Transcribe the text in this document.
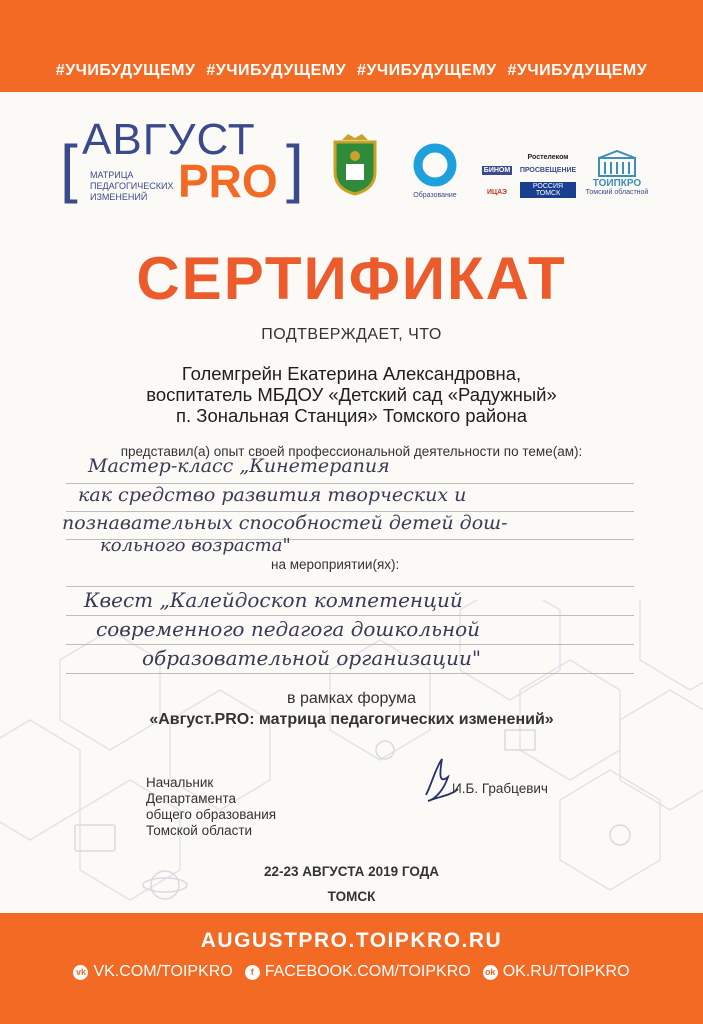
#УЧИБУДУЩЕМУ #УЧИБУДУЩЕМУ #УЧИБУДУЩЕМУ #УЧИБУДУЩЕМУ
[ АВГУСТ ]
МАТРИЦА
ПЕДАГОГИЧЕСКИХ
ИЗМЕНЕНИЙ PRO	Образование
БИНОМ
ИЦАЭ
Ростелеком
ПРОСВЕЩЕНИЕ
РОССИЯ ТОМСК
ТОИПКРО
Томский областной
СЕРТИФИКАТ
ПОДТВЕРЖДАЕТ, ЧТО
Големгрейн Екатерина Александровна,
воспитатель МБДОУ «Детский сад «Радужный»
п. Зональная Станция» Томского района
представил(а) опыт своей профессиональной деятельности по теме(ам):
Мастер-класс „Кинетерапия
как средство развития творческих и
познавательных способностей детей дош-
кольного возраста"
на мероприятии(ях):
Квест „Калейдоскоп компетенций
современного педагога дошкольной
образовательной организации"
в рамках форума
«Август.PRO: матрица педагогических изменений»
Начальник
Департамента
общего образования
Томской области
И.Б. Грабцевич
22-23 АВГУСТА 2019 ГОДА
ТОМСК
AUGUSTPRO.TOIPKRO.RU
vk VK.COM/TOIPKRO	f FACEBOOK.COM/TOIPKRO ok OK.RU/TOIPKRO
